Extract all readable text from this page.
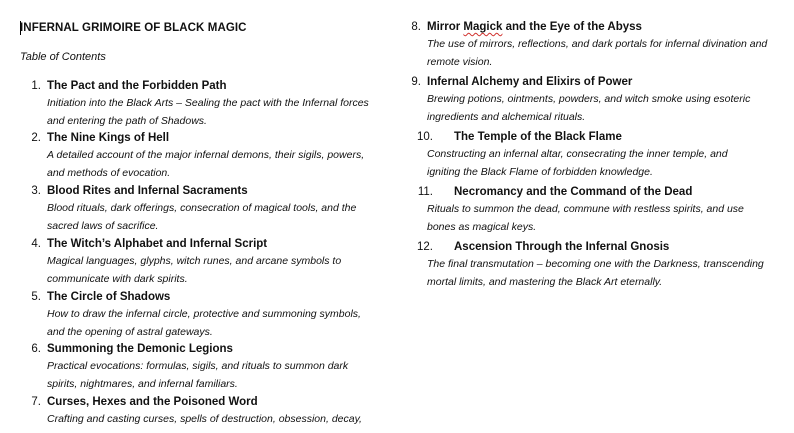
INFERNAL GRIMOIRE OF BLACK MAGIC
Table of Contents
1. The Pact and the Forbidden Path
Initiation into the Black Arts – Sealing the pact with the Infernal forces and entering the path of Shadows.
2. The Nine Kings of Hell
A detailed account of the major infernal demons, their sigils, powers, and methods of evocation.
3. Blood Rites and Infernal Sacraments
Blood rituals, dark offerings, consecration of magical tools, and the sacred laws of sacrifice.
4. The Witch’s Alphabet and Infernal Script
Magical languages, glyphs, witch runes, and arcane symbols to communicate with dark spirits.
5. The Circle of Shadows
How to draw the infernal circle, protective and summoning symbols, and the opening of astral gateways.
6. Summoning the Demonic Legions
Practical evocations: formulas, sigils, and rituals to summon dark spirits, nightmares, and infernal familiars.
7. Curses, Hexes and the Poisoned Word
Crafting and casting curses, spells of destruction, obsession, decay,
8. Mirror Magick and the Eye of the Abyss
The use of mirrors, reflections, and dark portals for infernal divination and remote vision.
9. Infernal Alchemy and Elixirs of Power
Brewing potions, ointments, powders, and witch smoke using esoteric ingredients and alchemical rituals.
10. The Temple of the Black Flame
Constructing an infernal altar, consecrating the inner temple, and igniting the Black Flame of forbidden knowledge.
11. Necromancy and the Command of the Dead
Rituals to summon the dead, commune with restless spirits, and use bones as magical keys.
12. Ascension Through the Infernal Gnosis
The final transmutation – becoming one with the Darkness, transcending mortal limits, and mastering the Black Art eternally.
